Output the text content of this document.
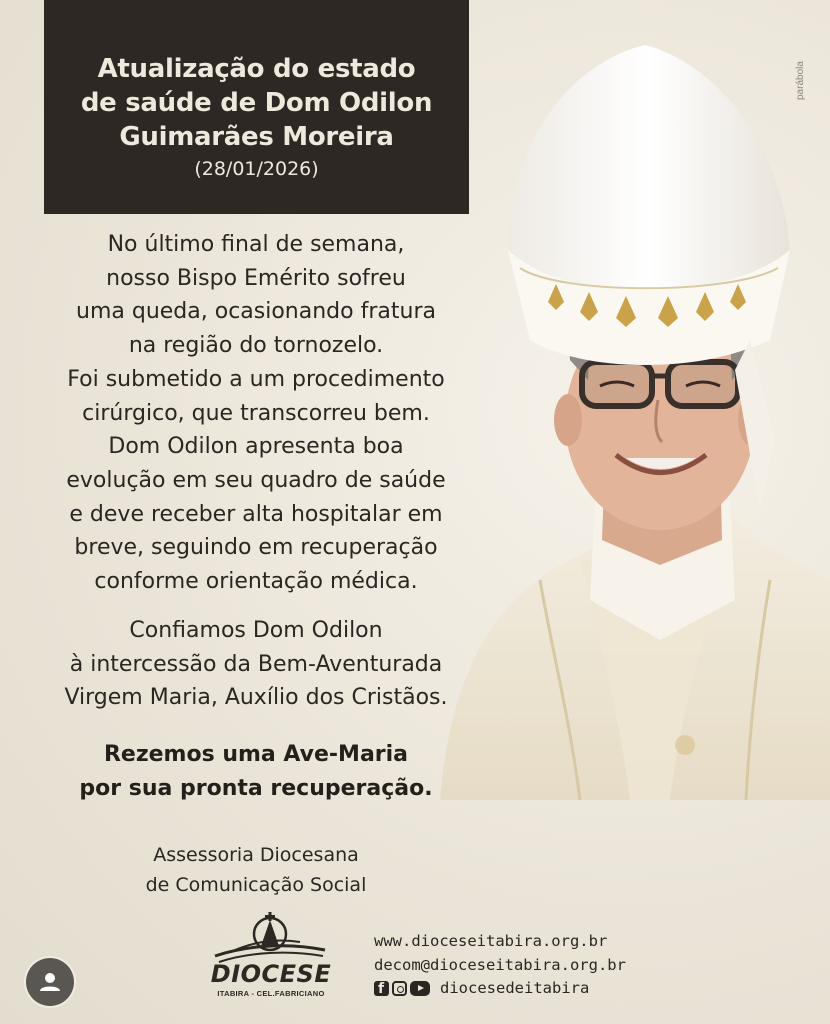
Atualização do estado
de saúde de Dom Odilon
Guimarães Moreira
(28/01/2026)
parábola
No último final de semana,
nosso Bispo Emérito sofreu
uma queda, ocasionando fratura
na região do tornozelo.
Foi submetido a um procedimento
cirúrgico, que transcorreu bem.
Dom Odilon apresenta boa
evolução em seu quadro de saúde
e deve receber alta hospitalar em
breve, seguindo em recuperação
conforme orientação médica.
Confiamos Dom Odilon
à intercessão da Bem-Aventurada
Virgem Maria, Auxílio dos Cristãos.
Rezemos uma Ave-Maria
por sua pronta recuperação.
Assessoria Diocesana
de Comunicação Social
DIOCESE
ITABIRA - CEL.FABRICIANO
www.dioceseitabira.org.br
decom@dioceseitabira.org.br
f
diocesedeitabira
